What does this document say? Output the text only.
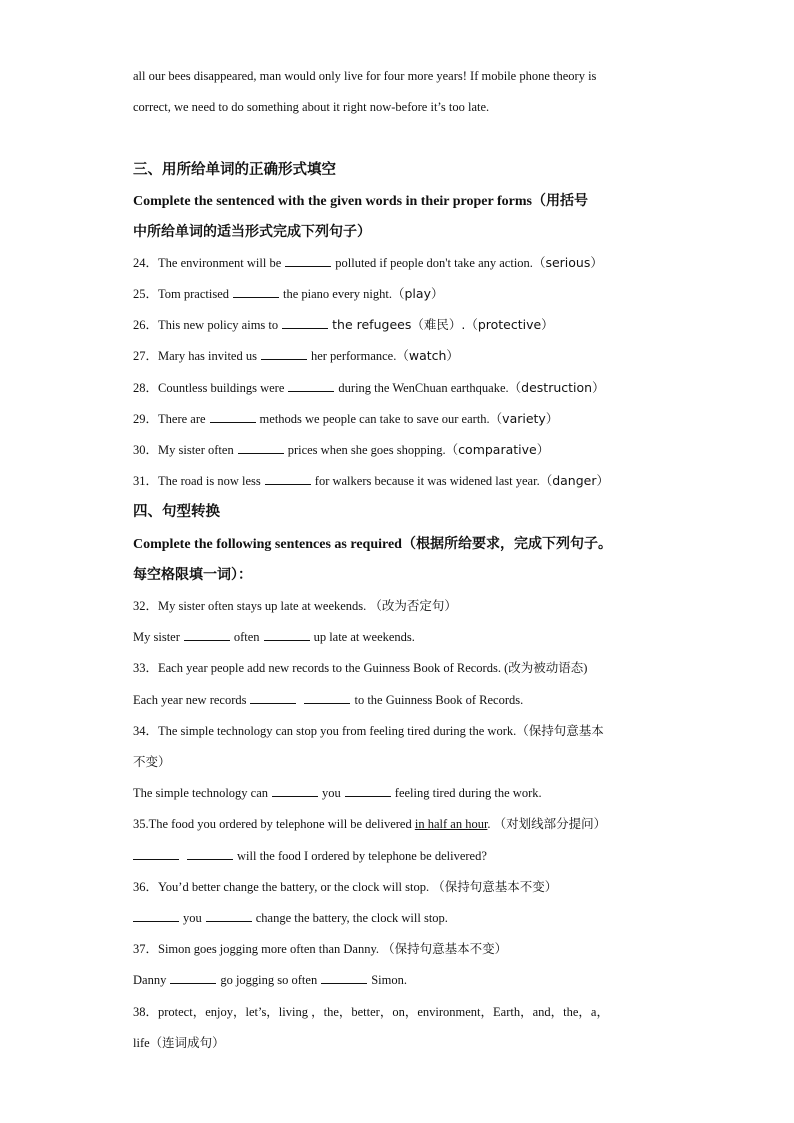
all our bees disappeared, man would only live for four more years! If mobile phone theory is
correct, we need to do something about it right now-before it’s too late.
三、用所给单词的正确形式填空
Complete the sentenced with the given words in their proper forms（用括号
中所给单词的适当形式完成下列句子）
24．The environment will be	polluted if people don't take any action.（serious）
25．Tom practised	the piano every night.（play）
26．This new policy aims to	the refugees（难民）.（protective）
27．Mary has invited us	her performance.（watch）
28．Countless buildings were	during the WenChuan earthquake.（destruction）
29．There are	methods we people can take to save our earth.（variety）
30．My sister often	prices when she goes shopping.（comparative）
31．The road is now less	for walkers because it was widened last year.（danger）
四、句型转换
Complete the following sentences as required（根据所给要求，完成下列句子。
每空格限填一词）：
32．My sister often stays up late at weekends. （改为否定句）
My sister	often	up late at weekends.
33．Each year people add new records to the Guinness Book of Records. (改为被动语态)
Each year new records	to the Guinness Book of Records.
34．The simple technology can stop you from feeling tired during the work.（保持句意基本
不变）
The simple technology can	you	feeling tired during the work.
35.The food you ordered by telephone will be delivered in half an hour. （对划线部分提问）
will the food I ordered by telephone be delivered?
36．You’d better change the battery, or the clock will stop. （保持句意基本不变）
you	change the battery, the clock will stop.
37．Simon goes jogging more often than Danny. （保持句意基本不变）
Danny	go jogging so often	Simon.
38．protect，enjoy，let’s，living ，the，better，on，environment，Earth，and，the，a，
life（连词成句）
